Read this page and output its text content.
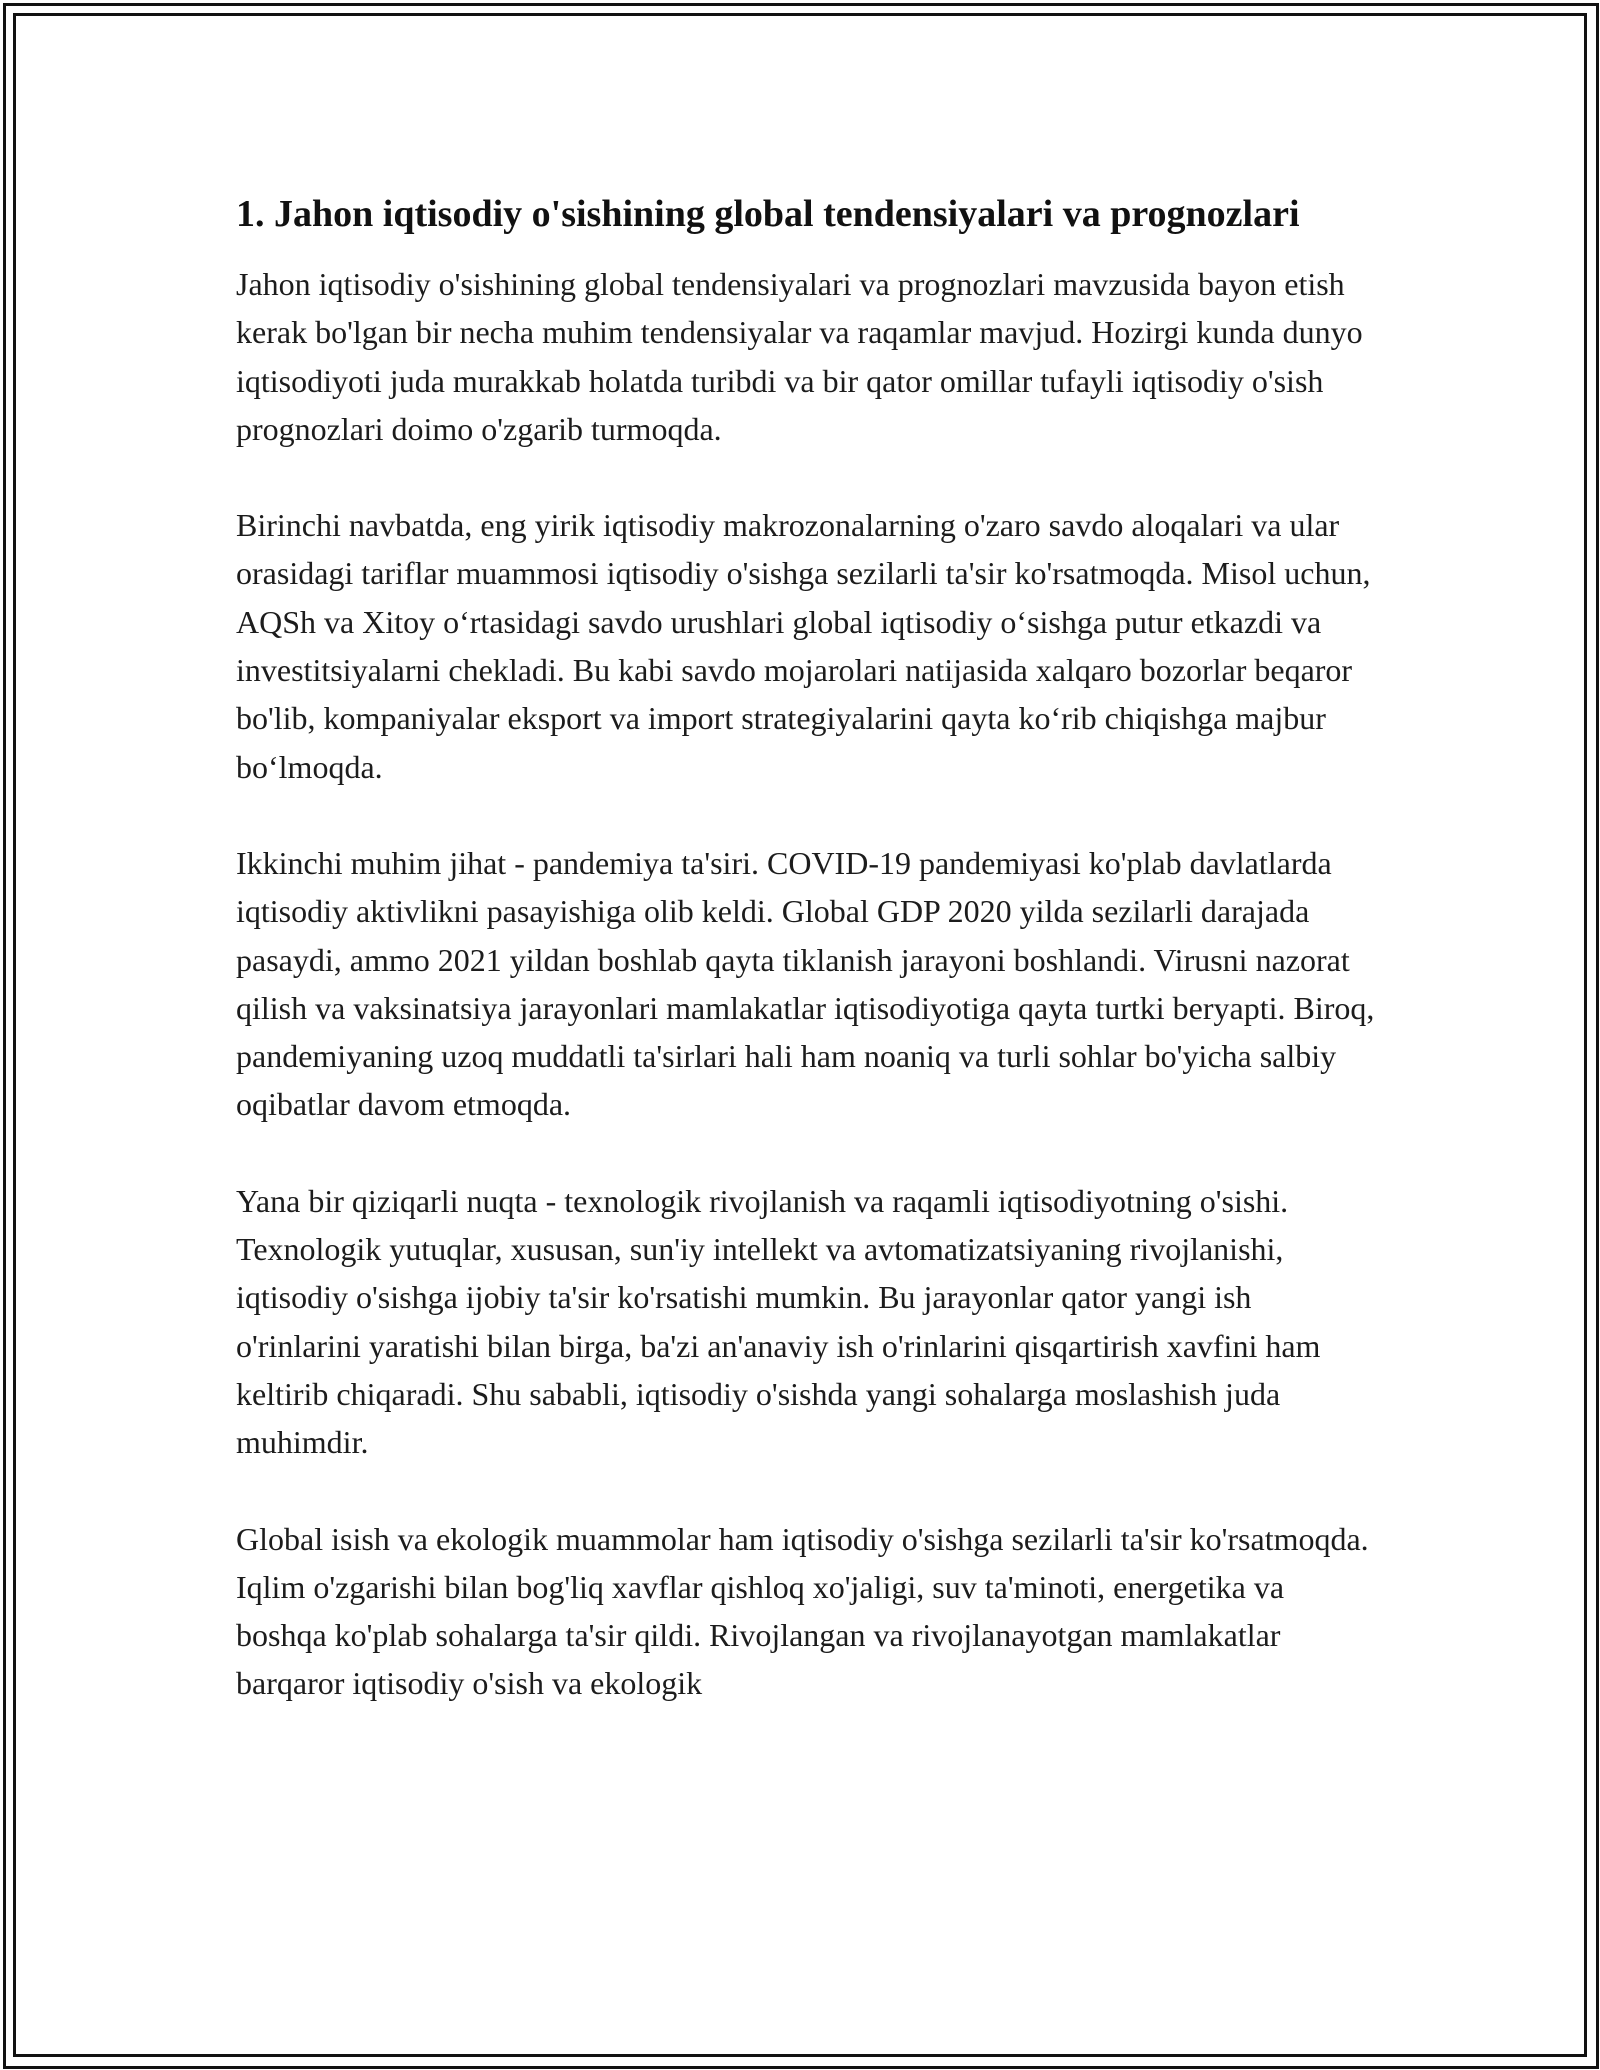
1. Jahon iqtisodiy o'sishining global tendensiyalari va prognozlari

Jahon iqtisodiy o'sishining global tendensiyalari va prognozlari mavzusida bayon etish kerak bo'lgan bir necha muhim tendensiyalar va raqamlar mavjud. Hozirgi kunda dunyo iqtisodiyoti juda murakkab holatda turibdi va bir qator omillar tufayli iqtisodiy o'sish prognozlari doimo o'zgarib turmoqda.

Birinchi navbatda, eng yirik iqtisodiy makrozonalarning o'zaro savdo aloqalari va ular orasidagi tariflar muammosi iqtisodiy o'sishga sezilarli ta'sir ko'rsatmoqda. Misol uchun, AQSh va Xitoy o‘rtasidagi savdo urushlari global iqtisodiy o‘sishga putur etkazdi va investitsiyalarni chekladi. Bu kabi savdo mojarolari natijasida xalqaro bozorlar beqaror bo'lib, kompaniyalar eksport va import strategiyalarini qayta ko‘rib chiqishga majbur bo‘lmoqda.

Ikkinchi muhim jihat - pandemiya ta'siri. COVID-19 pandemiyasi ko'plab davlatlarda iqtisodiy aktivlikni pasayishiga olib keldi. Global GDP 2020 yilda sezilarli darajada pasaydi, ammo 2021 yildan boshlab qayta tiklanish jarayoni boshlandi. Virusni nazorat qilish va vaksinatsiya jarayonlari mamlakatlar iqtisodiyotiga qayta turtki beryapti. Biroq, pandemiyaning uzoq muddatli ta'sirlari hali ham noaniq va turli sohlar bo'yicha salbiy oqibatlar davom etmoqda.

Yana bir qiziqarli nuqta - texnologik rivojlanish va raqamli iqtisodiyotning o'sishi. Texnologik yutuqlar, xususan, sun'iy intellekt va avtomatizatsiyaning rivojlanishi, iqtisodiy o'sishga ijobiy ta'sir ko'rsatishi mumkin. Bu jarayonlar qator yangi ish o'rinlarini yaratishi bilan birga, ba'zi an'anaviy ish o'rinlarini qisqartirish xavfini ham keltirib chiqaradi. Shu sababli, iqtisodiy o'sishda yangi sohalarga moslashish juda muhimdir.

Global isish va ekologik muammolar ham iqtisodiy o'sishga sezilarli ta'sir ko'rsatmoqda. Iqlim o'zgarishi bilan bog'liq xavflar qishloq xo'jaligi, suv ta'minoti, energetika va boshqa ko'plab sohalarga ta'sir qildi. Rivojlangan va rivojlanayotgan mamlakatlar barqaror iqtisodiy o'sish va ekologik
